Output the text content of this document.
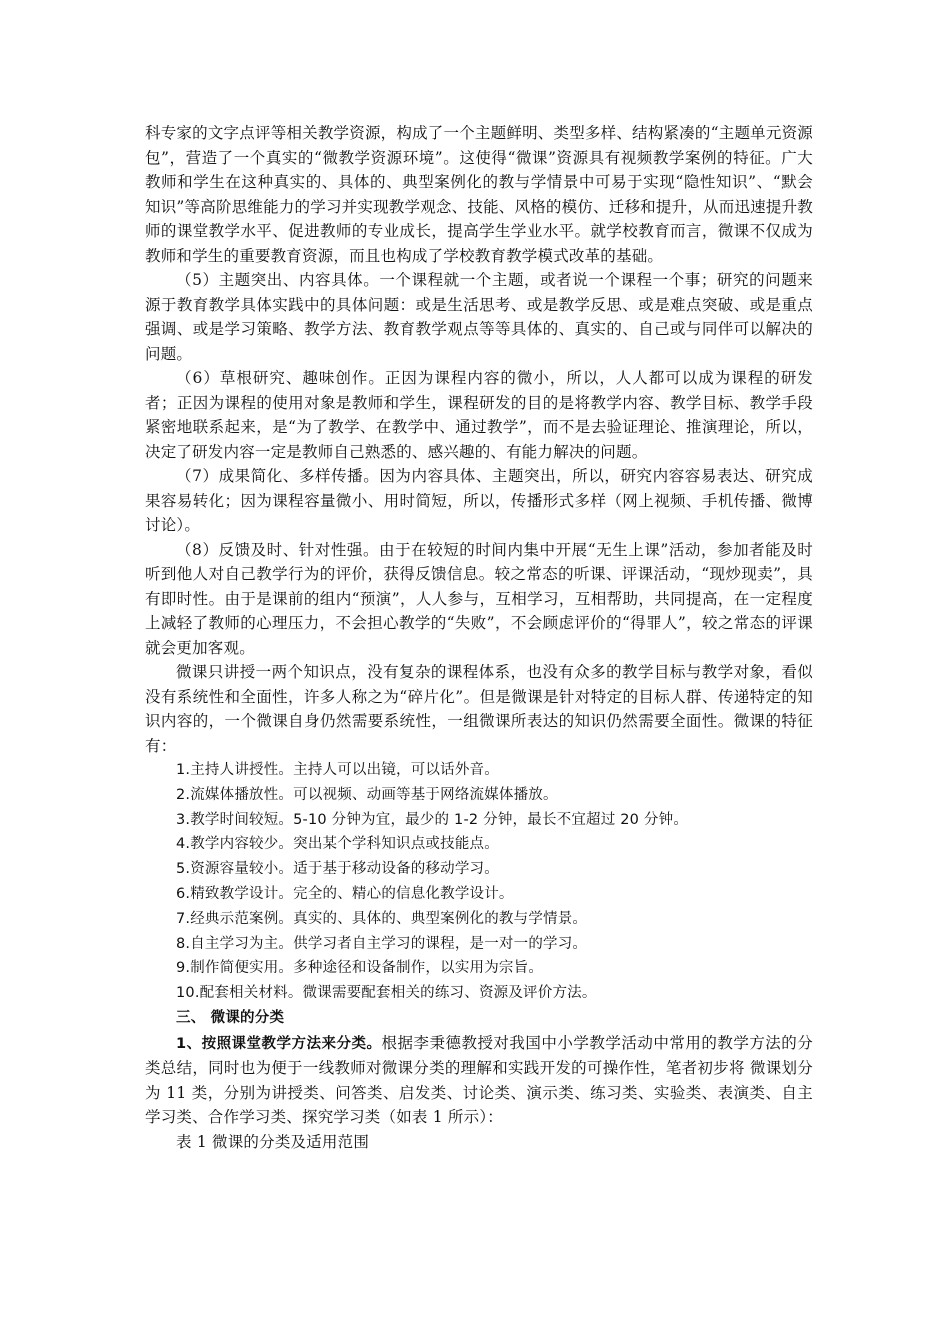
科专家的文字点评等相关教学资源，构成了一个主题鲜明、类型多样、结构紧凑的“主题单元资源包”，营造了一个真实的“微教学资源环境”。这使得“微课”资源具有视频教学案例的特征。广大教师和学生在这种真实的、具体的、典型案例化的教与学情景中可易于实现“隐性知识”、“默会知识”等高阶思维能力的学习并实现教学观念、技能、风格的模仿、迁移和提升，从而迅速提升教师的课堂教学水平、促进教师的专业成长，提高学生学业水平。就学校教育而言，微课不仅成为教师和学生的重要教育资源，而且也构成了学校教育教学模式改革的基础。

（5）主题突出、内容具体。一个课程就一个主题，或者说一个课程一个事；研究的问题来源于教育教学具体实践中的具体问题：或是生活思考、或是教学反思、或是难点突破、或是重点强调、或是学习策略、教学方法、教育教学观点等等具体的、真实的、自己或与同伴可以解决的问题。

（6）草根研究、趣味创作。正因为课程内容的微小，所以，人人都可以成为课程的研发者；正因为课程的使用对象是教师和学生，课程研发的目的是将教学内容、教学目标、教学手段紧密地联系起来，是“为了教学、在教学中、通过教学”，而不是去验证理论、推演理论，所以，决定了研发内容一定是教师自己熟悉的、感兴趣的、有能力解决的问题。

（7）成果简化、多样传播。因为内容具体、主题突出，所以，研究内容容易表达、研究成果容易转化；因为课程容量微小、用时简短，所以，传播形式多样（网上视频、手机传播、微博讨论）。

（8）反馈及时、针对性强。由于在较短的时间内集中开展“无生上课”活动，参加者能及时听到他人对自己教学行为的评价，获得反馈信息。较之常态的听课、评课活动，“现炒现卖”，具有即时性。由于是课前的组内“预演”，人人参与，互相学习，互相帮助，共同提高，在一定程度上减轻了教师的心理压力，不会担心教学的“失败”，不会顾虑评价的“得罪人”，较之常态的评课就会更加客观。

微课只讲授一两个知识点，没有复杂的课程体系，也没有众多的教学目标与教学对象，看似没有系统性和全面性，许多人称之为“碎片化”。但是微课是针对特定的目标人群、传递特定的知识内容的，一个微课自身仍然需要系统性，一组微课所表达的知识仍然需要全面性。微课的特征有：

1.主持人讲授性。主持人可以出镜，可以话外音。

2.流媒体播放性。可以视频、动画等基于网络流媒体播放。

3.教学时间较短。5-10 分钟为宜，最少的 1-2 分钟，最长不宜超过 20 分钟。

4.教学内容较少。突出某个学科知识点或技能点。

5.资源容量较小。适于基于移动设备的移动学习。

6.精致教学设计。完全的、精心的信息化教学设计。

7.经典示范案例。真实的、具体的、典型案例化的教与学情景。

8.自主学习为主。供学习者自主学习的课程，是一对一的学习。

9.制作简便实用。多种途径和设备制作，以实用为宗旨。

10.配套相关材料。微课需要配套相关的练习、资源及评价方法。

三、 微课的分类

1、按照课堂教学方法来分类。根据李秉德教授对我国中小学教学活动中常用的教学方法的分类总结，同时也为便于一线教师对微课分类的理解和实践开发的可操作性，笔者初步将 微课划分为 11 类，分别为讲授类、问答类、启发类、讨论类、演示类、练习类、实验类、表演类、自主学习类、合作学习类、探究学习类（如表 1 所示）：

表 1 微课的分类及适用范围
